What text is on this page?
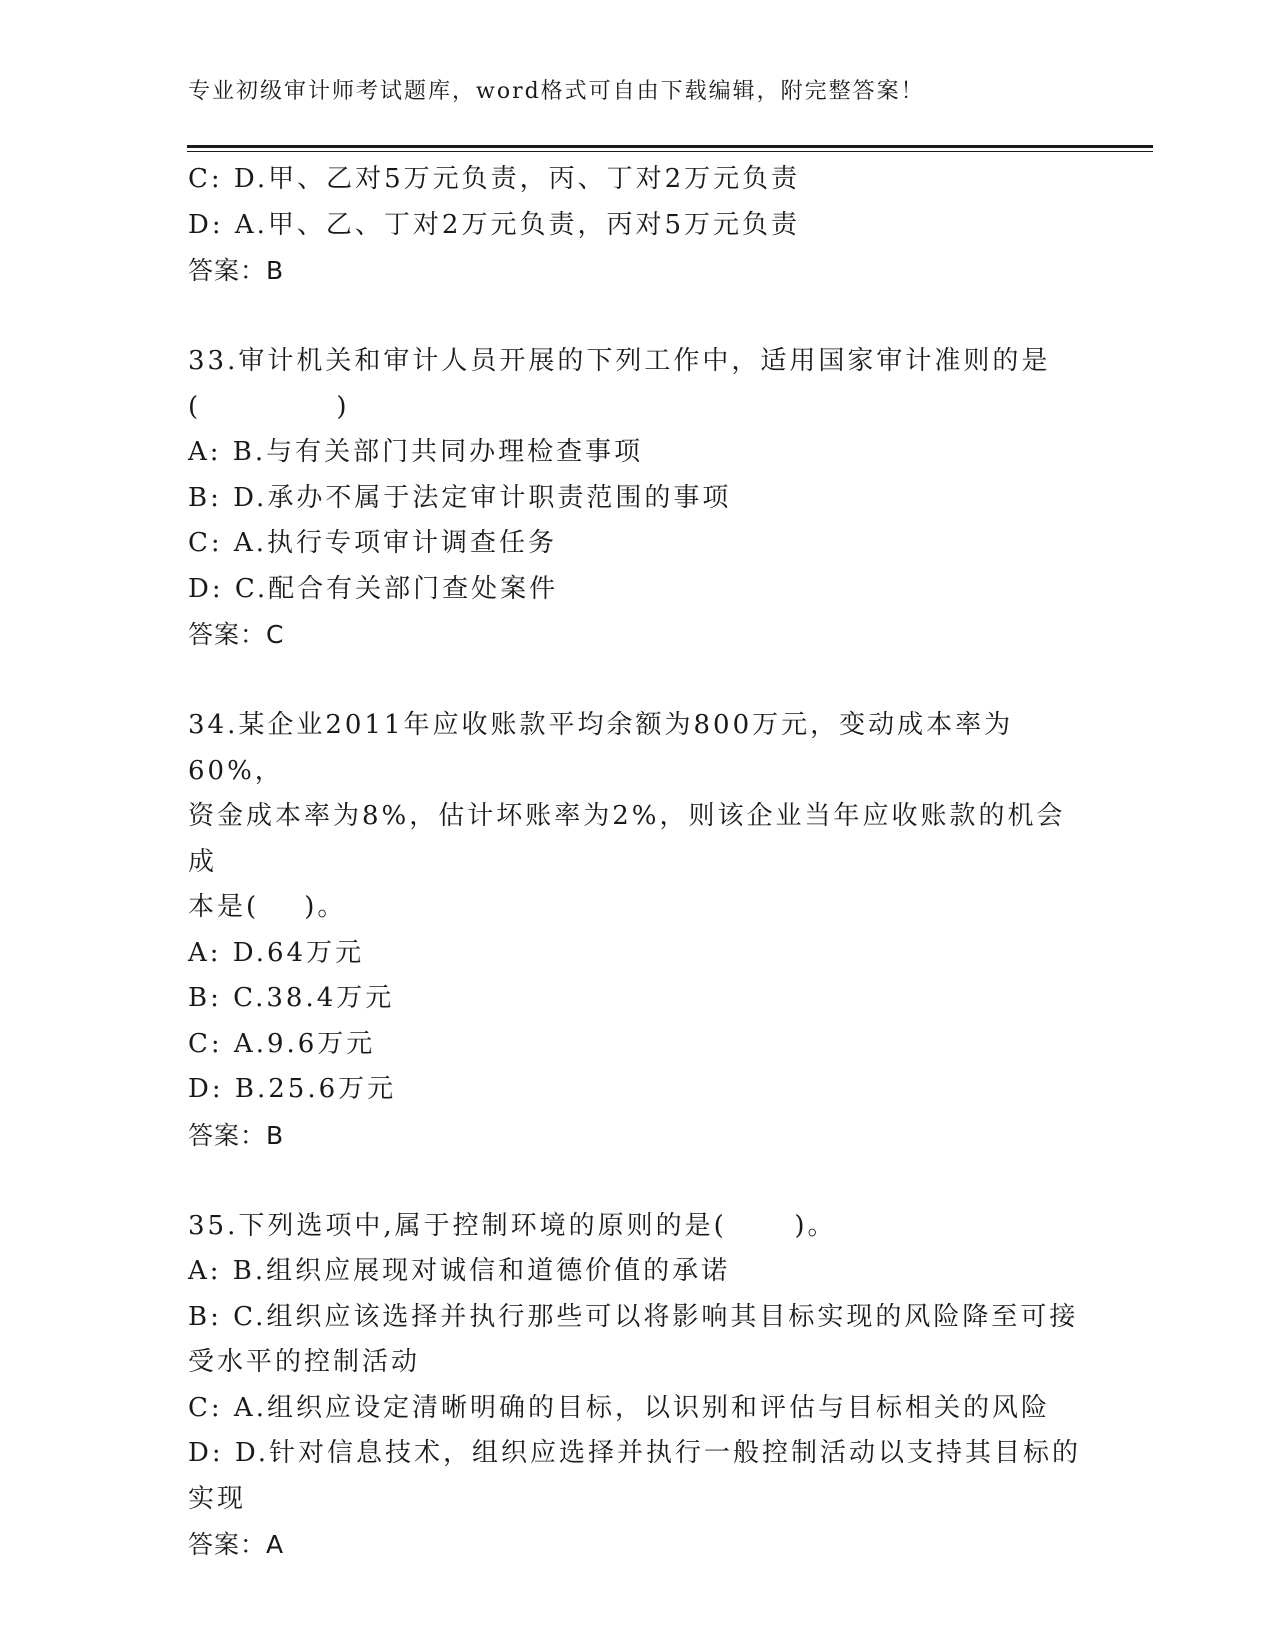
专业初级审计师考试题库，word格式可自由下载编辑，附完整答案！
C: D.甲、乙对5万元负责，丙、丁对2万元负责
D: A.甲、乙、丁对2万元负责，丙对5万元负责
答案：B
33.审计机关和审计人员开展的下列工作中，适用国家审计准则的是
(            )
A: B.与有关部门共同办理检查事项
B: D.承办不属于法定审计职责范围的事项
C: A.执行专项审计调查任务
D: C.配合有关部门查处案件
答案：C
34.某企业2011年应收账款平均余额为800万元，变动成本率为60%，
资金成本率为8%，估计坏账率为2%，则该企业当年应收账款的机会成
本是(    )。
A: D.64万元
B: C.38.4万元
C: A.9.6万元
D: B.25.6万元
答案：B
35.下列选项中,属于控制环境的原则的是(      )。
A: B.组织应展现对诚信和道德价值的承诺
B: C.组织应该选择并执行那些可以将影响其目标实现的风险降至可接
受水平的控制活动
C: A.组织应设定清晰明确的目标，以识别和评估与目标相关的风险
D: D.针对信息技术，组织应选择并执行一般控制活动以支持其目标的
实现
答案：A
